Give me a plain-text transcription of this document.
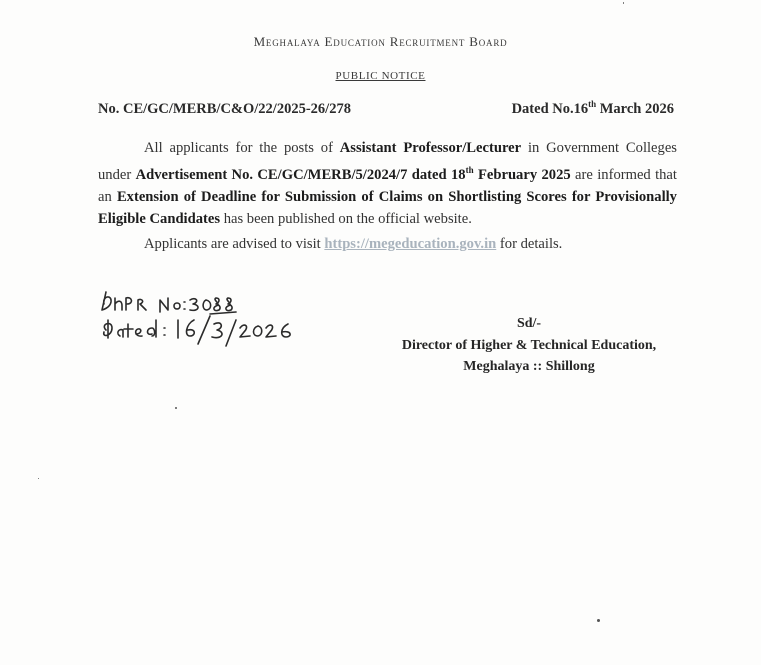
Meghalaya Education Recruitment Board
PUBLIC NOTICE
No. CE/GC/MERB/C&O/22/2025-26/278	Dated No.16th March 2026

All applicants for the posts of Assistant Professor/Lecturer in Government Colleges under Advertisement No. CE/GC/MERB/5/2024/7 dated 18th February 2025 are informed that an Extension of Deadline for Submission of Claims on Shortlisting Scores for Provisionally Eligible Candidates has been published on the official website.

Applicants are advised to visit https://megeducation.gov.in for details.
Sd/-
Director of Higher & Technical Education,
Meghalaya :: Shillong
